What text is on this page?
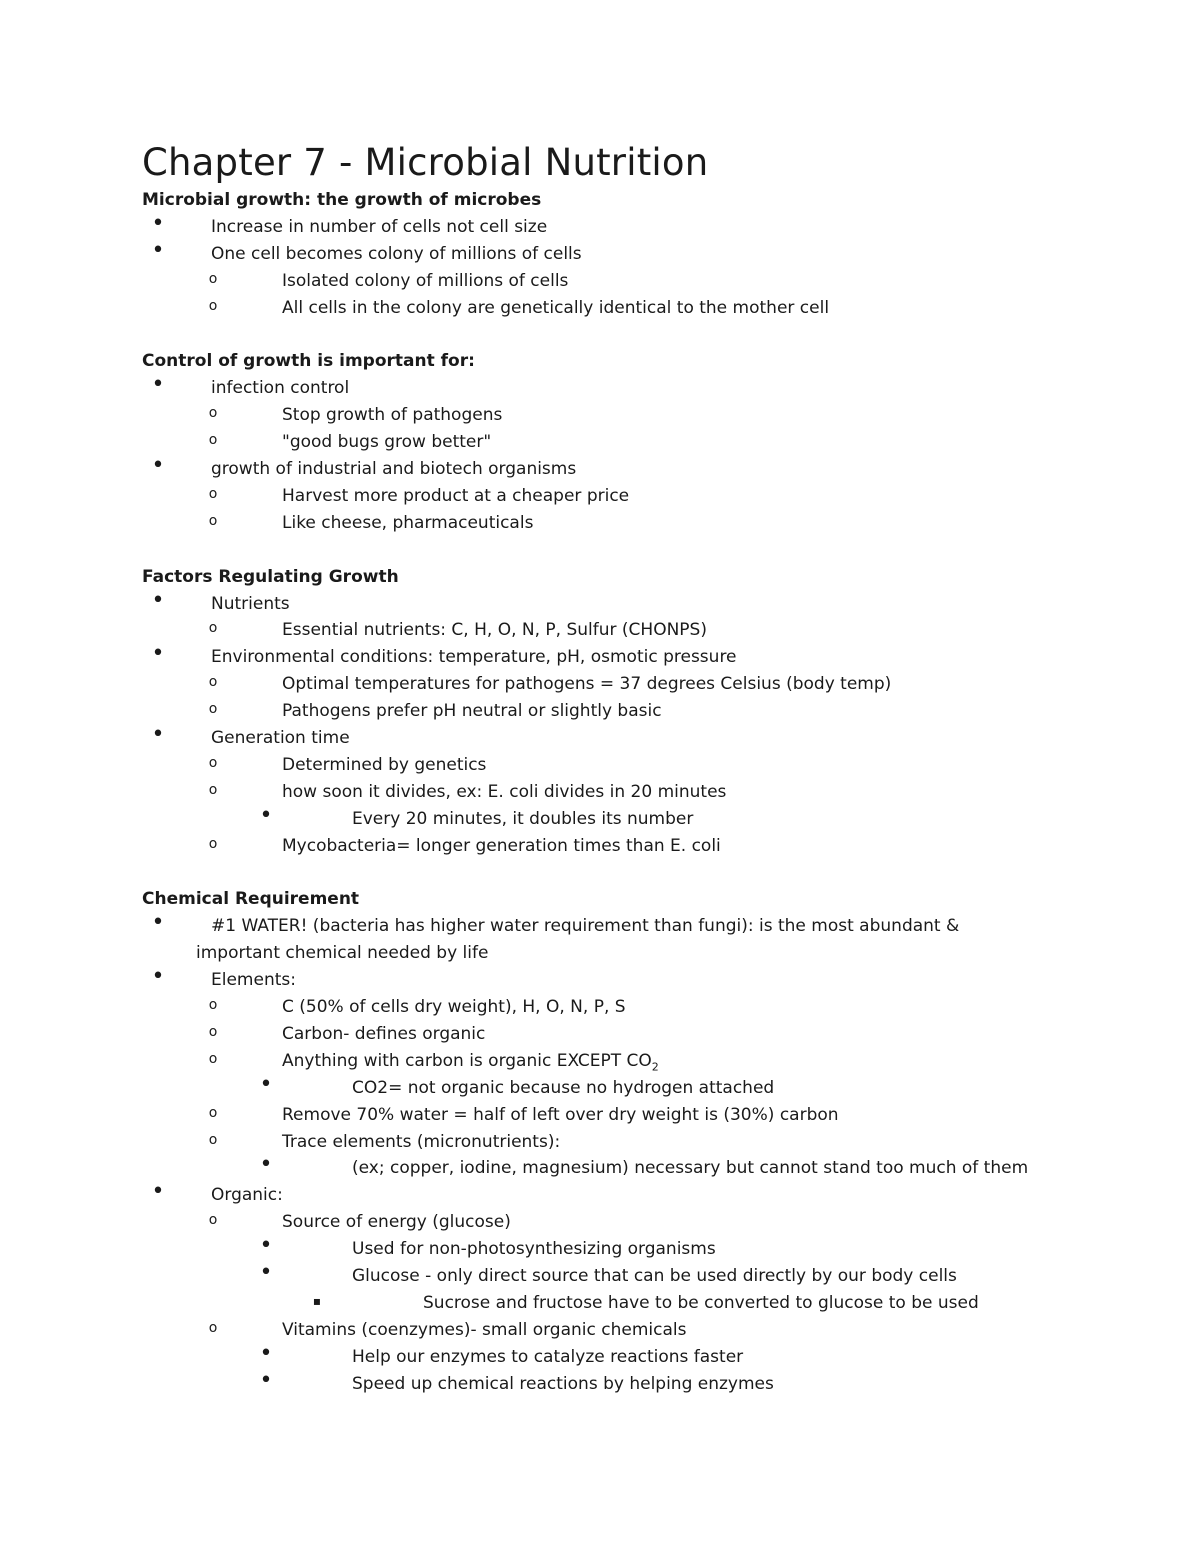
Chapter 7 - Microbial Nutrition
Microbial growth: the growth of microbes
•
Increase in number of cells not cell size
•
One cell becomes colony of millions of cells
o
Isolated colony of millions of cells
o
All cells in the colony are genetically identical to the mother cell
Control of growth is important for:
•
infection control
o
Stop growth of pathogens
o
"good bugs grow better"
•
growth of industrial and biotech organisms
o
Harvest more product at a cheaper price
o
Like cheese, pharmaceuticals
Factors Regulating Growth
•
Nutrients
o
Essential nutrients: C, H, O, N, P, Sulfur (CHONPS)
•
Environmental conditions: temperature, pH, osmotic pressure
o
Optimal temperatures for pathogens = 37 degrees Celsius (body temp)
o
Pathogens prefer pH neutral or slightly basic
•
Generation time
o
Determined by genetics
o
how soon it divides, ex: E. coli divides in 20 minutes
•
Every 20 minutes, it doubles its number
o
Mycobacteria= longer generation times than E. coli
Chemical Requirement
•
#1 WATER! (bacteria has higher water requirement than fungi): is the most abundant &
important chemical needed by life
•
Elements:
o
C (50% of cells dry weight), H, O, N, P, S
o
Carbon- defines organic
o
Anything with carbon is organic EXCEPT $CO_2$
•
CO2= not organic because no hydrogen attached
o
Remove 70% water = half of left over dry weight is (30%) carbon
o
Trace elements (micronutrients):
•
(ex; copper, iodine, magnesium) necessary but cannot stand too much of them
•
Organic:
o
Source of energy (glucose)
•
Used for non-photosynthesizing organisms
•
Glucose - only direct source that can be used directly by our body cells
▪
Sucrose and fructose have to be converted to glucose to be used
o
Vitamins (coenzymes)- small organic chemicals
•
Help our enzymes to catalyze reactions faster
•
Speed up chemical reactions by helping enzymes
